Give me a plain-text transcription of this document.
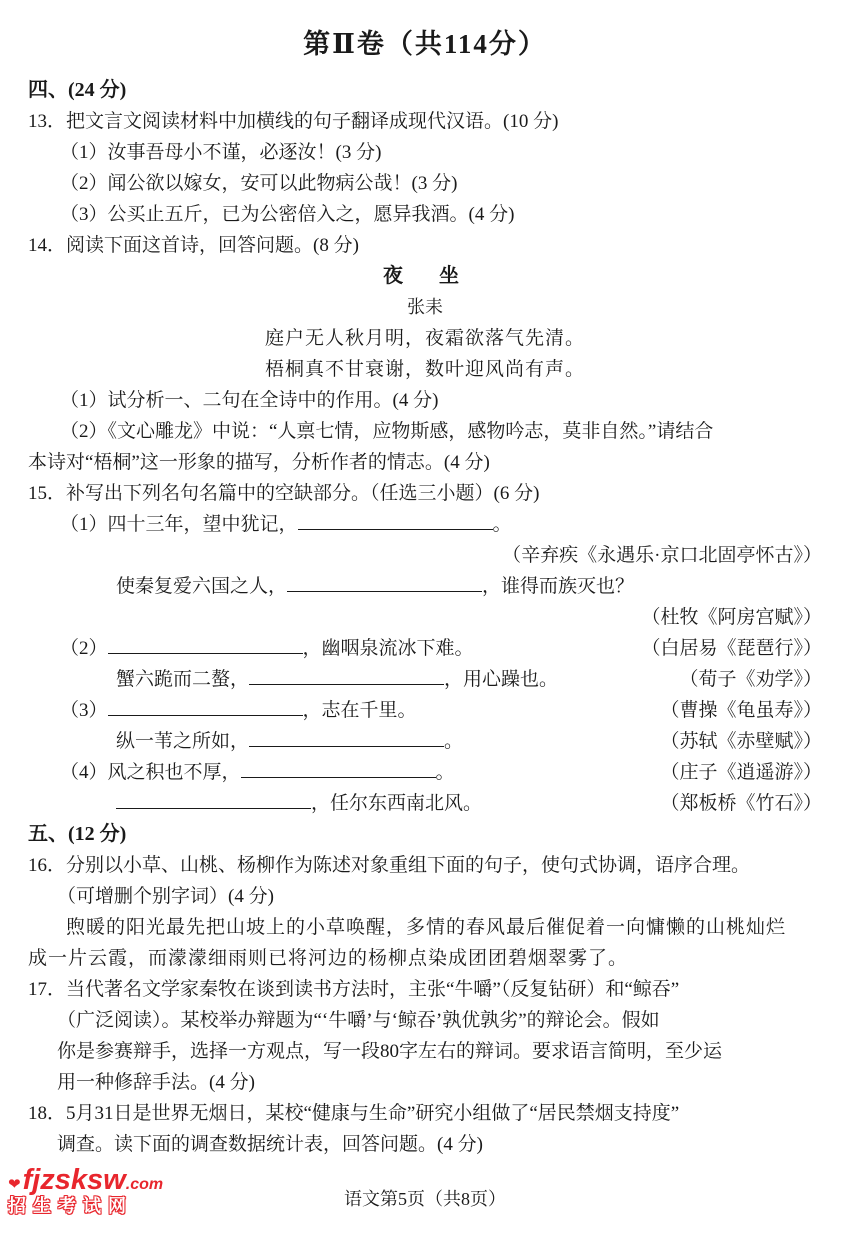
第Ⅱ卷（共114分）
四、(24 分)
13．把文言文阅读材料中加横线的句子翻译成现代汉语。(10 分)
（1）汝事吾母小不谨，必逐汝！(3 分)
（2）闻公欲以嫁女，安可以此物病公哉！(3 分)
（3）公买止五斤，已为公密倍入之，愿异我酒。(4 分)
14．阅读下面这首诗，回答问题。(8 分)
夜　坐
张耒
庭户无人秋月明，夜霜欲落气先清。
梧桐真不甘衰谢，数叶迎风尚有声。
（1）试分析一、二句在全诗中的作用。(4 分)
（2）《文心雕龙》中说：“人禀七情，应物斯感，感物吟志，莫非自然。”请结合
本诗对“梧桐”这一形象的描写，分析作者的情志。(4 分)
15．补写出下列名句名篇中的空缺部分。（任选三小题）(6 分)
（1）四十三年，望中犹记，	。
（辛弃疾《永遇乐·京口北固亭怀古》）
使秦复爱六国之人，	，谁得而族灭也？
（杜牧《阿房宫赋》）
（2）	，幽咽泉流冰下难。	（白居易《琵琶行》）
蟹六跪而二螯，	，用心躁也。	（荀子《劝学》）
（3）	，志在千里。	（曹操《龟虽寿》）
纵一苇之所如，	。	（苏轼《赤壁赋》）
（4）风之积也不厚，	。	（庄子《逍遥游》）
，任尔东西南北风。	（郑板桥《竹石》）
五、(12 分)
16．分别以小草、山桃、杨柳作为陈述对象重组下面的句子，使句式协调，语序合理。
（可增删个别字词）(4 分)
煦暖的阳光最先把山坡上的小草唤醒，多情的春风最后催促着一向慵懒的山桃灿烂
成一片云霞，而濛濛细雨则已将河边的杨柳点染成团团碧烟翠雾了。
17．当代著名文学家秦牧在谈到读书方法时，主张“牛嚼”（反复钻研）和“鲸吞”
（广泛阅读）。某校举办辩题为“‘牛嚼’与‘鲸吞’孰优孰劣”的辩论会。假如
你是参赛辩手，选择一方观点，写一段80字左右的辩词。要求语言简明，至少运
用一种修辞手法。(4 分)
18．5月31日是世界无烟日，某校“健康与生命”研究小组做了“居民禁烟支持度”
调查。读下面的调查数据统计表，回答问题。(4 分)
语文第5页（共8页）
❤fjzsksw.com
招生考试网
